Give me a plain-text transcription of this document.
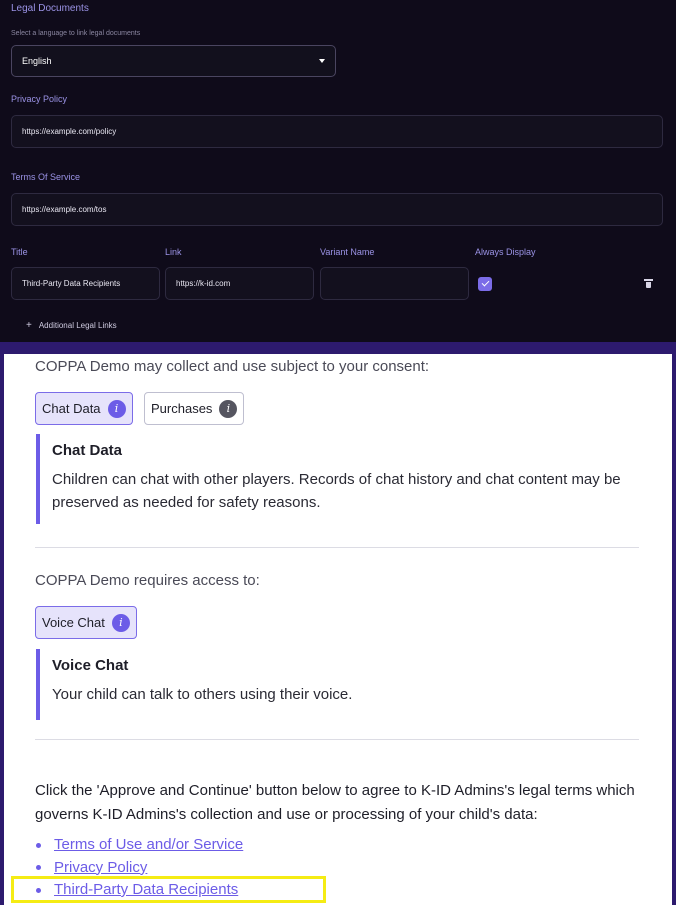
Legal Documents
Select a language to link legal documents
English
Privacy Policy
https://example.com/policy
Terms Of Service
https://example.com/tos
Title	Link	Variant Name	Always Display
Third-Party Data Recipients	https://k-id.com
+ Additional Legal Links
COPPA Demo may collect and use subject to your consent:
Chat Data	i	Purchases	i
Chat Data
Children can chat with other players. Records of chat history and chat content may be preserved as needed for safety reasons.
COPPA Demo requires access to:
Voice Chat	i
Voice Chat
Your child can talk to others using their voice.
Click the 'Approve and Continue' button below to agree to K-ID Admins's legal terms which governs K-ID Admins's collection and use or processing of your child's data:
Terms of Use and/or Service
Privacy Policy
Third-Party Data Recipients
